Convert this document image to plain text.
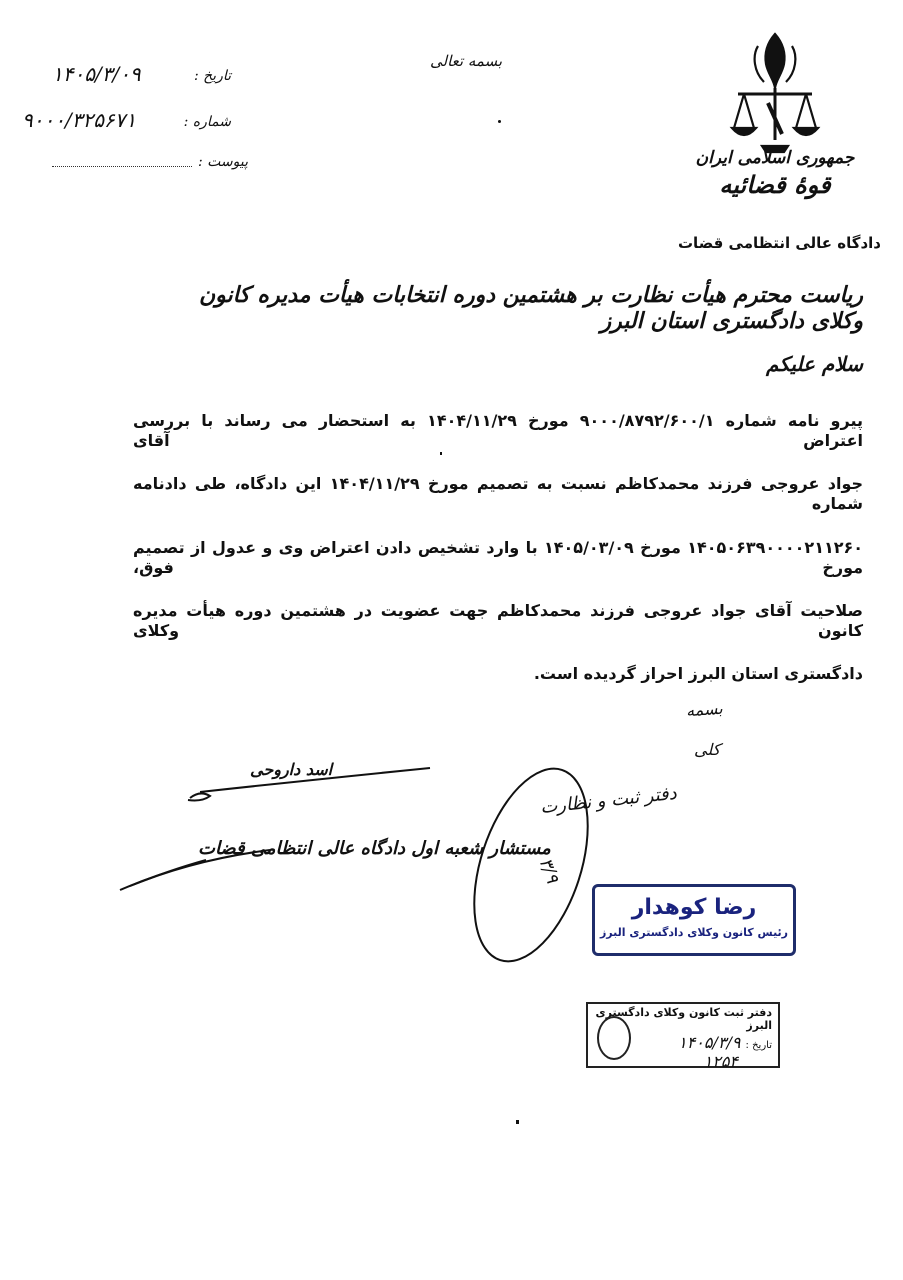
بسمه تعالی
تاریخ :
۱۴۰۵/۳/۰۹
شماره :
۹۰۰۰/۳۲۵۶۷۱
پیوست :	جمهوری اسلامی ایران
قوهٔ قضائیه
دادگاه عالی انتظامی قضات
ریاست محترم هیأت نظارت بر هشتمین دوره انتخابات هیأت مدیره کانون وکلای دادگستری استان البرز
سلام علیکم
پیرو نامه شماره ۹۰۰۰/۸۷۹۲/۶۰۰/۱ مورخ ۱۴۰۴/۱۱/۲۹ به استحضار می رساند با بررسی اعتراض آقای
جواد عروجی فرزند محمدکاظم نسبت به تصمیم مورخ ۱۴۰۴/۱۱/۲۹ این دادگاه، طی دادنامه شماره
۱۴۰۵۰۶۳۹۰۰۰۰۲۱۱۲۶۰ مورخ ۱۴۰۵/۰۳/۰۹ با وارد تشخیص دادن اعتراض وی و عدول از تصمیم مورخ فوق،
صلاحیت آقای جواد عروجی فرزند محمدکاظم جهت عضویت در هشتمین دوره هیأت مدیره کانون وکلای
دادگستری استان البرز احراز گردیده است.
اسد داروحی
مستشار شعبه اول دادگاه عالی انتظامی قضات
دفتر ثبت و نظارت
کلی
بسمه
۳/۹
رضا کوهدار
رئیس کانون وکلای دادگستری البرز
دفتر ثبت کانون وکلای دادگستری البرز
تاریخ : ۱۴۰۵/۳/۹
۱۲۵۴
